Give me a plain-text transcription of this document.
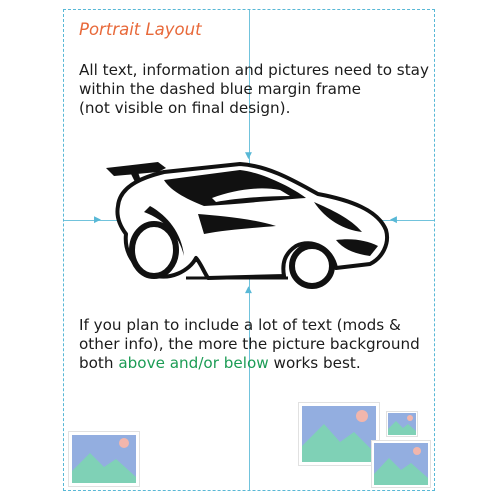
▼
▲
▶	◀
Portrait Layout
All text, information and pictures need to stay
within the dashed blue margin frame
(not visible on final design).
If you plan to include a lot of text (mods &
other info), the more the picture background
both above and/or below works best.
